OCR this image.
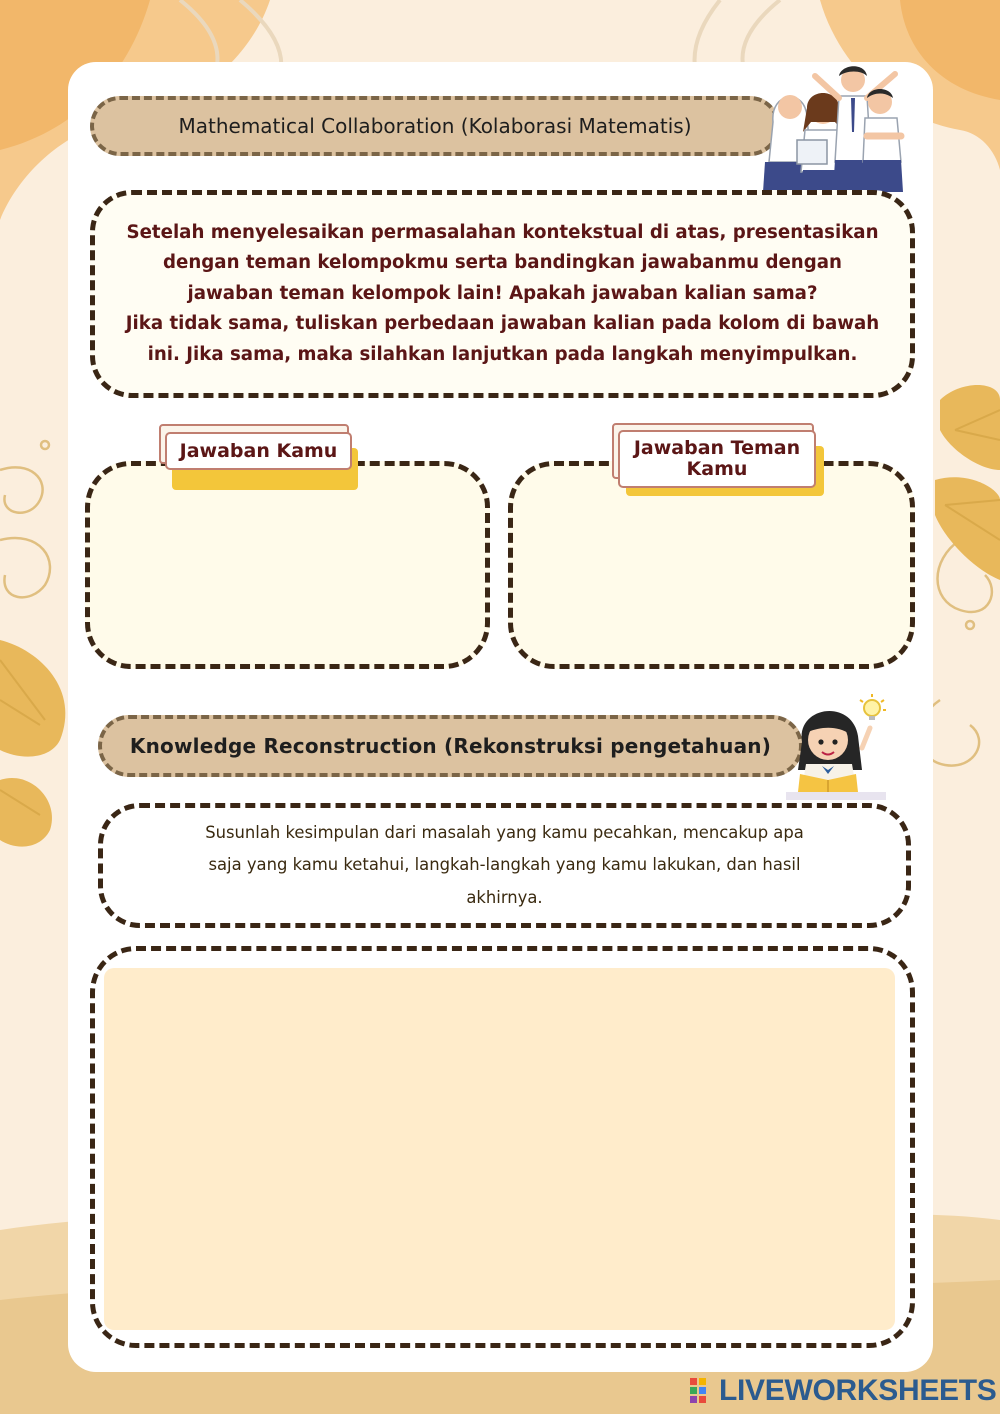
Mathematical Collaboration (Kolaborasi Matematis)

Setelah menyelesaikan permasalahan kontekstual di atas, presentasikan
dengan teman kelompokmu serta bandingkan jawabanmu dengan
jawaban teman kelompok lain! Apakah jawaban kalian sama?
Jika tidak sama, tuliskan perbedaan jawaban kalian pada kolom di bawah
ini. Jika sama, maka silahkan lanjutkan pada langkah menyimpulkan.

Jawaban Kamu	Jawaban Teman
Kamu
Knowledge Reconstruction (Rekonstruksi pengetahuan)

Susunlah kesimpulan dari masalah yang kamu pecahkan, mencakup apa
saja yang kamu ketahui, langkah-langkah yang kamu lakukan, dan hasil
akhirnya.

LIVEWORKSHEETS
